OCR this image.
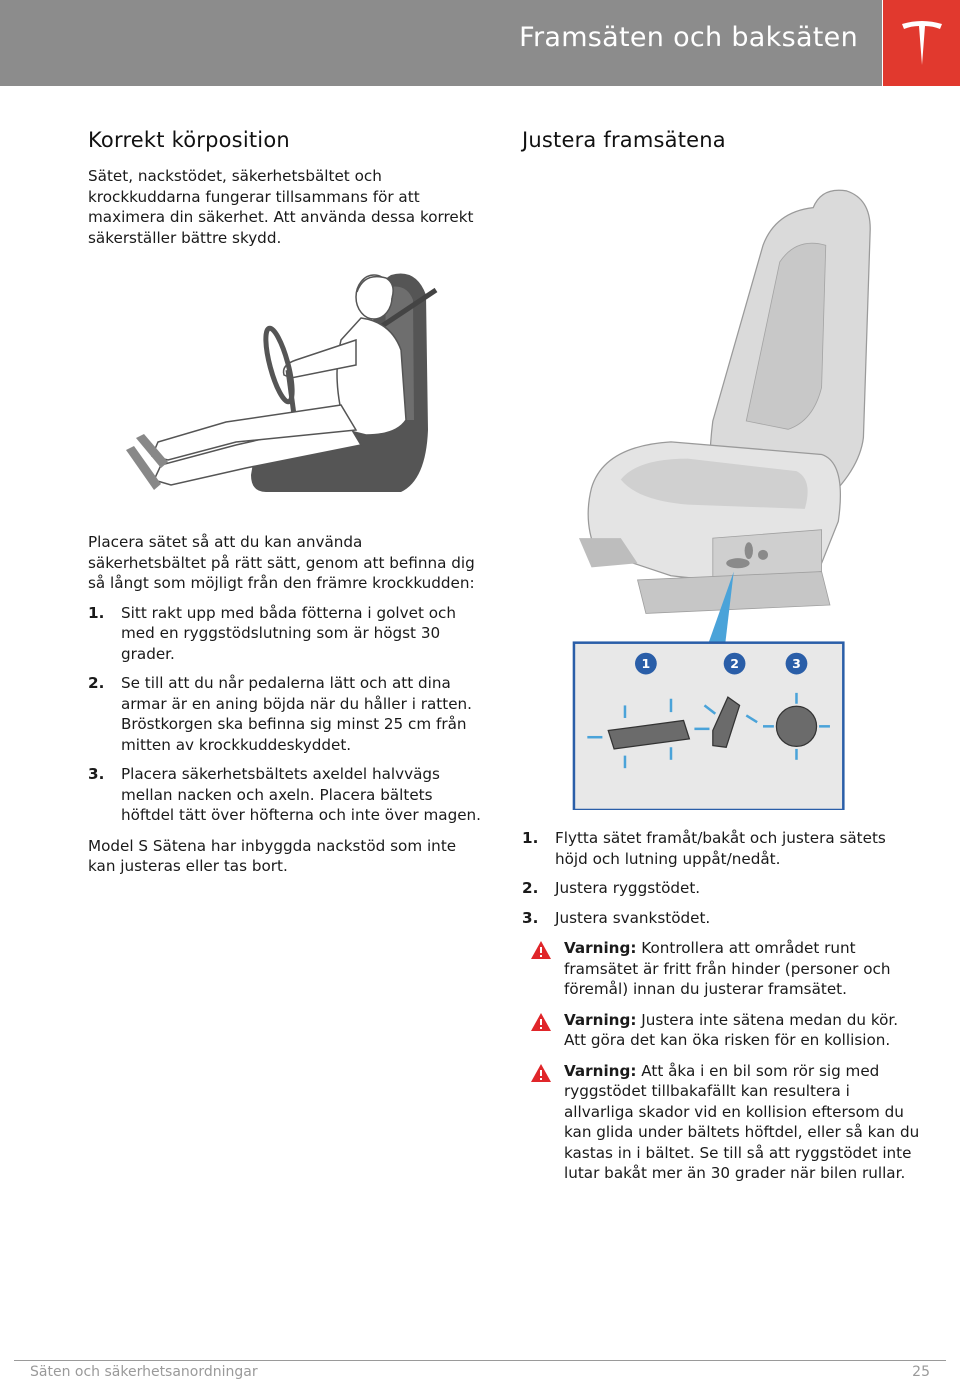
Framsäten och baksäten
Korrekt körposition

Sätet, nackstödet, säkerhetsbältet och krockkuddarna fungerar tillsammans för att maximera din säkerhet. Att använda dessa korrekt säkerställer bättre skydd.

Placera sätet så att du kan använda säkerhetsbältet på rätt sätt, genom att befinna dig så långt som möjligt från den främre krockkudden:

1. Sitt rakt upp med båda fötterna i golvet och med en ryggstödslutning som är högst 30 grader.
2. Se till att du når pedalerna lätt och att dina armar är en aning böjda när du håller i ratten. Bröstkorgen ska befinna sig minst 25 cm från mitten av krockkuddeskyddet.
3. Placera säkerhetsbältets axeldel halvvägs mellan nacken och axeln. Placera bältets höftdel tätt över höfterna och inte över magen.

Model S Sätena har inbyggda nackstöd som inte kan justeras eller tas bort.

Justera framsätena
1	2	3
1. Flytta sätet framåt/bakåt och justera sätets höjd och lutning uppåt/nedåt.
2. Justera ryggstödet.
3. Justera svankstödet.
Varning: Kontrollera att området runt framsätet är fritt från hinder (personer och föremål) innan du justerar framsätet.
Varning: Justera inte sätena medan du kör. Att göra det kan öka risken för en kollision.
Varning: Att åka i en bil som rör sig med ryggstödet tillbakafällt kan resultera i allvarliga skador vid en kollision eftersom du kan glida under bältets höftdel, eller så kan du kastas in i bältet. Se till så att ryggstödet inte lutar bakåt mer än 30 grader när bilen rullar.
Säten och säkerhetsanordningar	25
